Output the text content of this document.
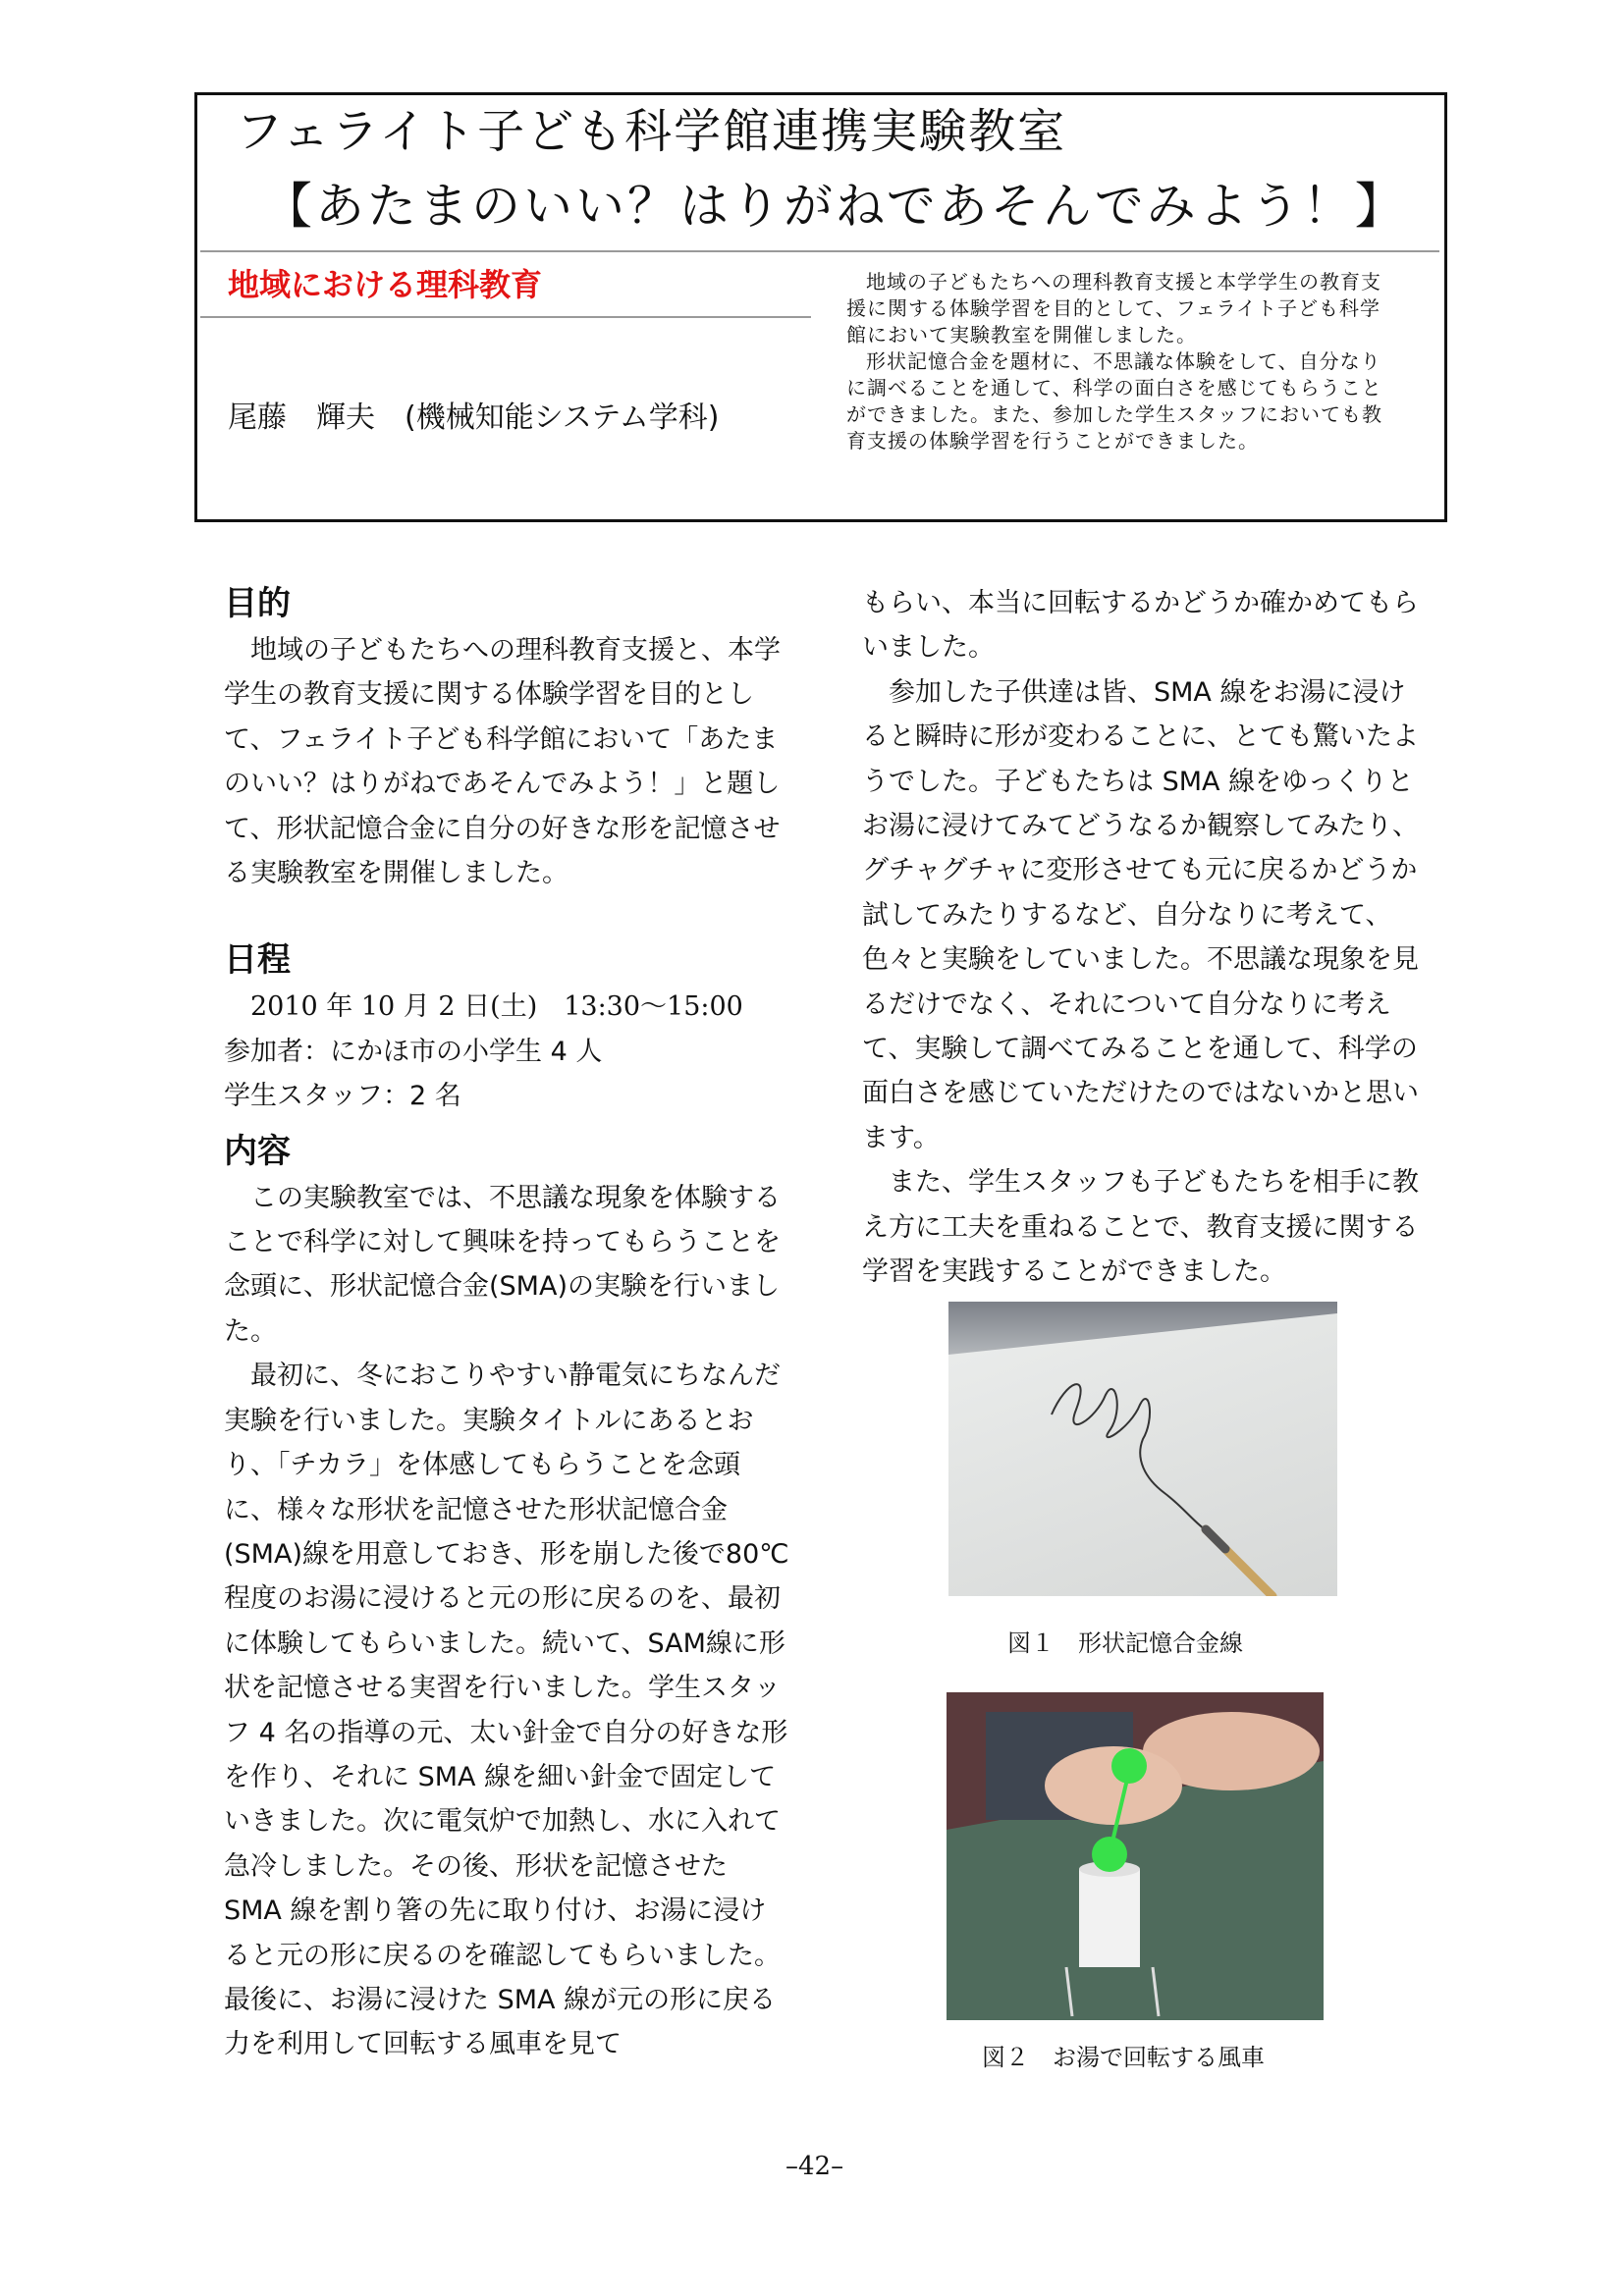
フェライト子ども科学館連携実験教室
【あたまのいい？はりがねであそんでみよう！】
地域における理科教育
尾藤　輝夫　(機械知能システム学科)

地域の子どもたちへの理科教育支援と本学学生の教育支援に関する体験学習を目的として、フェライト子ども科学館において実験教室を開催しました。

形状記憶合金を題材に、不思議な体験をして、自分なりに調べることを通して、科学の面白さを感じてもらうことができました。また、参加した学生スタッフにおいても教育支援の体験学習を行うことができました。

目的

地域の子どもたちへの理科教育支援と、本学学生の教育支援に関する体験学習を目的として、フェライト子ども科学館において「あたまのいい？はりがねであそんでみよう！」と題して、形状記憶合金に自分の好きな形を記憶させる実験教室を開催しました。

日程

2010 年 10 月 2 日(土)　13:30〜15:00

参加者：にかほ市の小学生 4 人

学生スタッフ：2 名

内容

この実験教室では、不思議な現象を体験することで科学に対して興味を持ってもらうことを念頭に、形状記憶合金(SMA)の実験を行いました。

最初に、冬におこりやすい静電気にちなんだ実験を行いました。実験タイトルにあるとおり、「チカラ」を体感してもらうことを念頭に、様々な形状を記憶させた形状記憶合金(SMA)線を用意しておき、形を崩した後で80℃程度のお湯に浸けると元の形に戻るのを、最初に体験してもらいました。続いて、SAM線に形状を記憶させる実習を行いました。学生スタッフ 4 名の指導の元、太い針金で自分の好きな形を作り、それに SMA 線を細い針金で固定していきました。次に電気炉で加熱し、水に入れて急冷しました。その後、形状を記憶させた SMA 線を割り箸の先に取り付け、お湯に浸けると元の形に戻るのを確認してもらいました。最後に、お湯に浸けた SMA 線が元の形に戻る力を利用して回転する風車を見て

もらい、本当に回転するかどうか確かめてもらいました。

参加した子供達は皆、SMA 線をお湯に浸けると瞬時に形が変わることに、とても驚いたようでした。子どもたちは SMA 線をゆっくりとお湯に浸けてみてどうなるか観察してみたり、グチャグチャに変形させても元に戻るかどうか試してみたりするなど、自分なりに考えて、色々と実験をしていました。不思議な現象を見るだけでなく、それについて自分なりに考えて、実験して調べてみることを通して、科学の面白さを感じていただけたのではないかと思います。

また、学生スタッフも子どもたちを相手に教え方に工夫を重ねることで、教育支援に関する学習を実践することができました。

図１　形状記憶合金線
図２　お湯で回転する風車
–42–
